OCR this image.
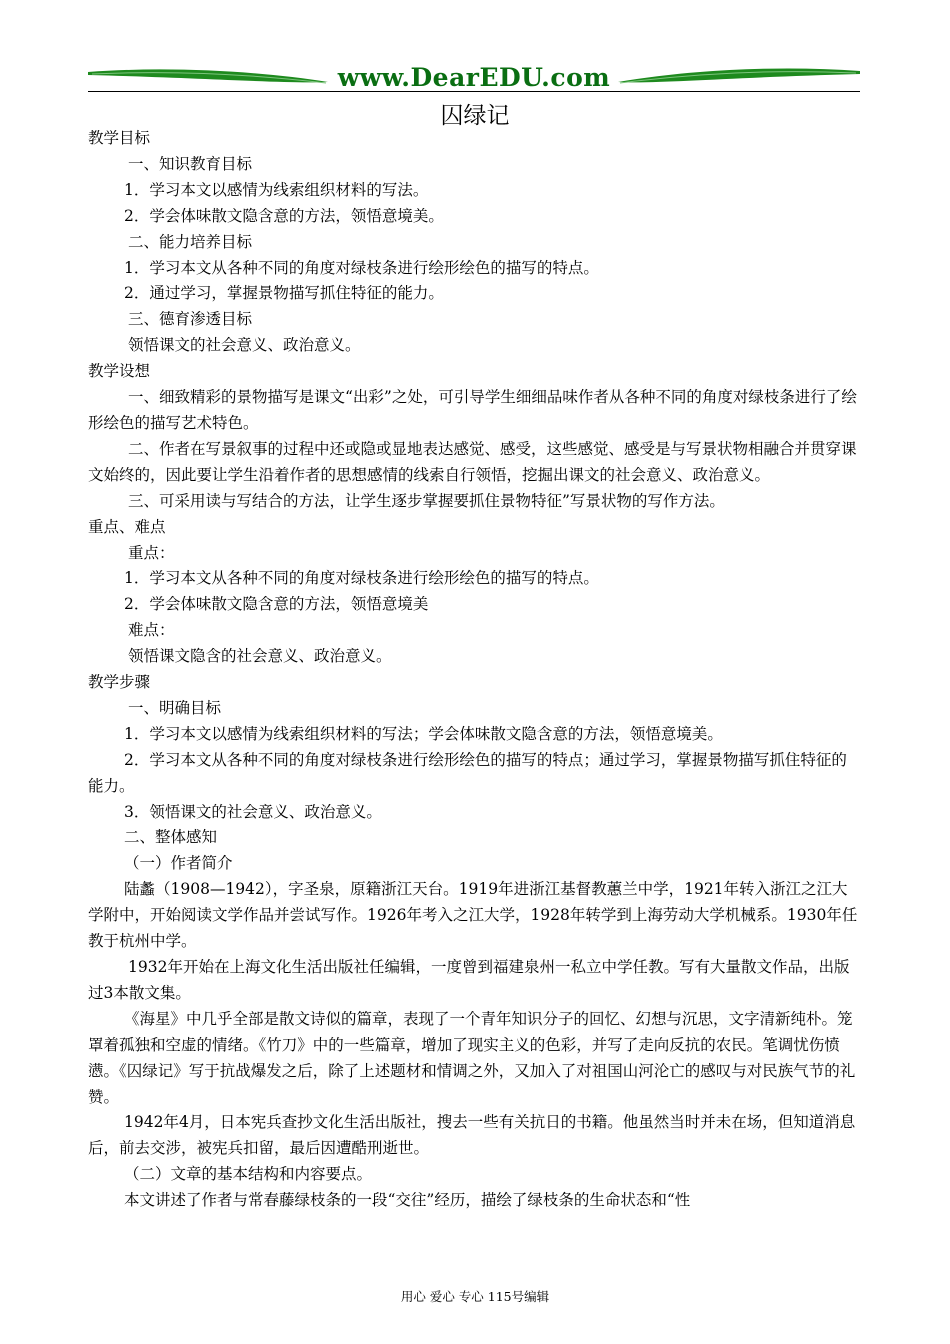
www.DearEDU.com
囚绿记

教学目标

一、知识教育目标

1．学习本文以感情为线索组织材料的写法。

2．学会体味散文隐含意的方法，领悟意境美。

二、能力培养目标

1．学习本文从各种不同的角度对绿枝条进行绘形绘色的描写的特点。

2．通过学习，掌握景物描写抓住特征的能力。

三、德育渗透目标

领悟课文的社会意义、政治意义。

教学设想

一、细致精彩的景物描写是课文“出彩”之处，可引导学生细细品味作者从各种不同的角度对绿枝条进行了绘形绘色的描写艺术特色。

二、作者在写景叙事的过程中还或隐或显地表达感觉、感受，这些感觉、感受是与写景状物相融合并贯穿课文始终的，因此要让学生沿着作者的思想感情的线索自行领悟，挖掘出课文的社会意义、政治意义。

三、可采用读与写结合的方法，让学生逐步掌握要抓住景物特征”写景状物的写作方法。

重点、难点

重点：

1．学习本文从各种不同的角度对绿枝条进行绘形绘色的描写的特点。

2．学会体味散文隐含意的方法，领悟意境美

难点：

领悟课文隐含的社会意义、政治意义。

教学步骤

一、明确目标

1．学习本文以感情为线索组织材料的写法；学会体味散文隐含意的方法，领悟意境美。

2．学习本文从各种不同的角度对绿枝条进行绘形绘色的描写的特点；通过学习，掌握景物描写抓住特征的能力。

3．领悟课文的社会意义、政治意义。

二、整体感知

（一）作者简介

陆蠡（1908—1942），字圣泉，原籍浙江天台。1919年进浙江基督教蕙兰中学，1921年转入浙江之江大学附中，开始阅读文学作品并尝试写作。1926年考入之江大学，1928年转学到上海劳动大学机械系。1930年任教于杭州中学。

1932年开始在上海文化生活出版社任编辑，一度曾到福建泉州一私立中学任教。写有大量散文作品，出版过3本散文集。

《海星》中几乎全部是散文诗似的篇章，表现了一个青年知识分子的回忆、幻想与沉思，文字清新纯朴。笼罩着孤独和空虚的情绪。《竹刀》中的一些篇章，增加了现实主义的色彩，并写了走向反抗的农民。笔调忧伤愤懑。《囚绿记》写于抗战爆发之后，除了上述题材和情调之外，又加入了对祖国山河沦亡的感叹与对民族气节的礼赞。

1942年4月，日本宪兵查抄文化生活出版社，搜去一些有关抗日的书籍。他虽然当时并未在场，但知道消息后，前去交涉，被宪兵扣留，最后因遭酷刑逝世。

（二）文章的基本结构和内容要点。

本文讲述了作者与常春藤绿枝条的一段“交往”经历，描绘了绿枝条的生命状态和“性

用心 爱心 专心 115号编辑
